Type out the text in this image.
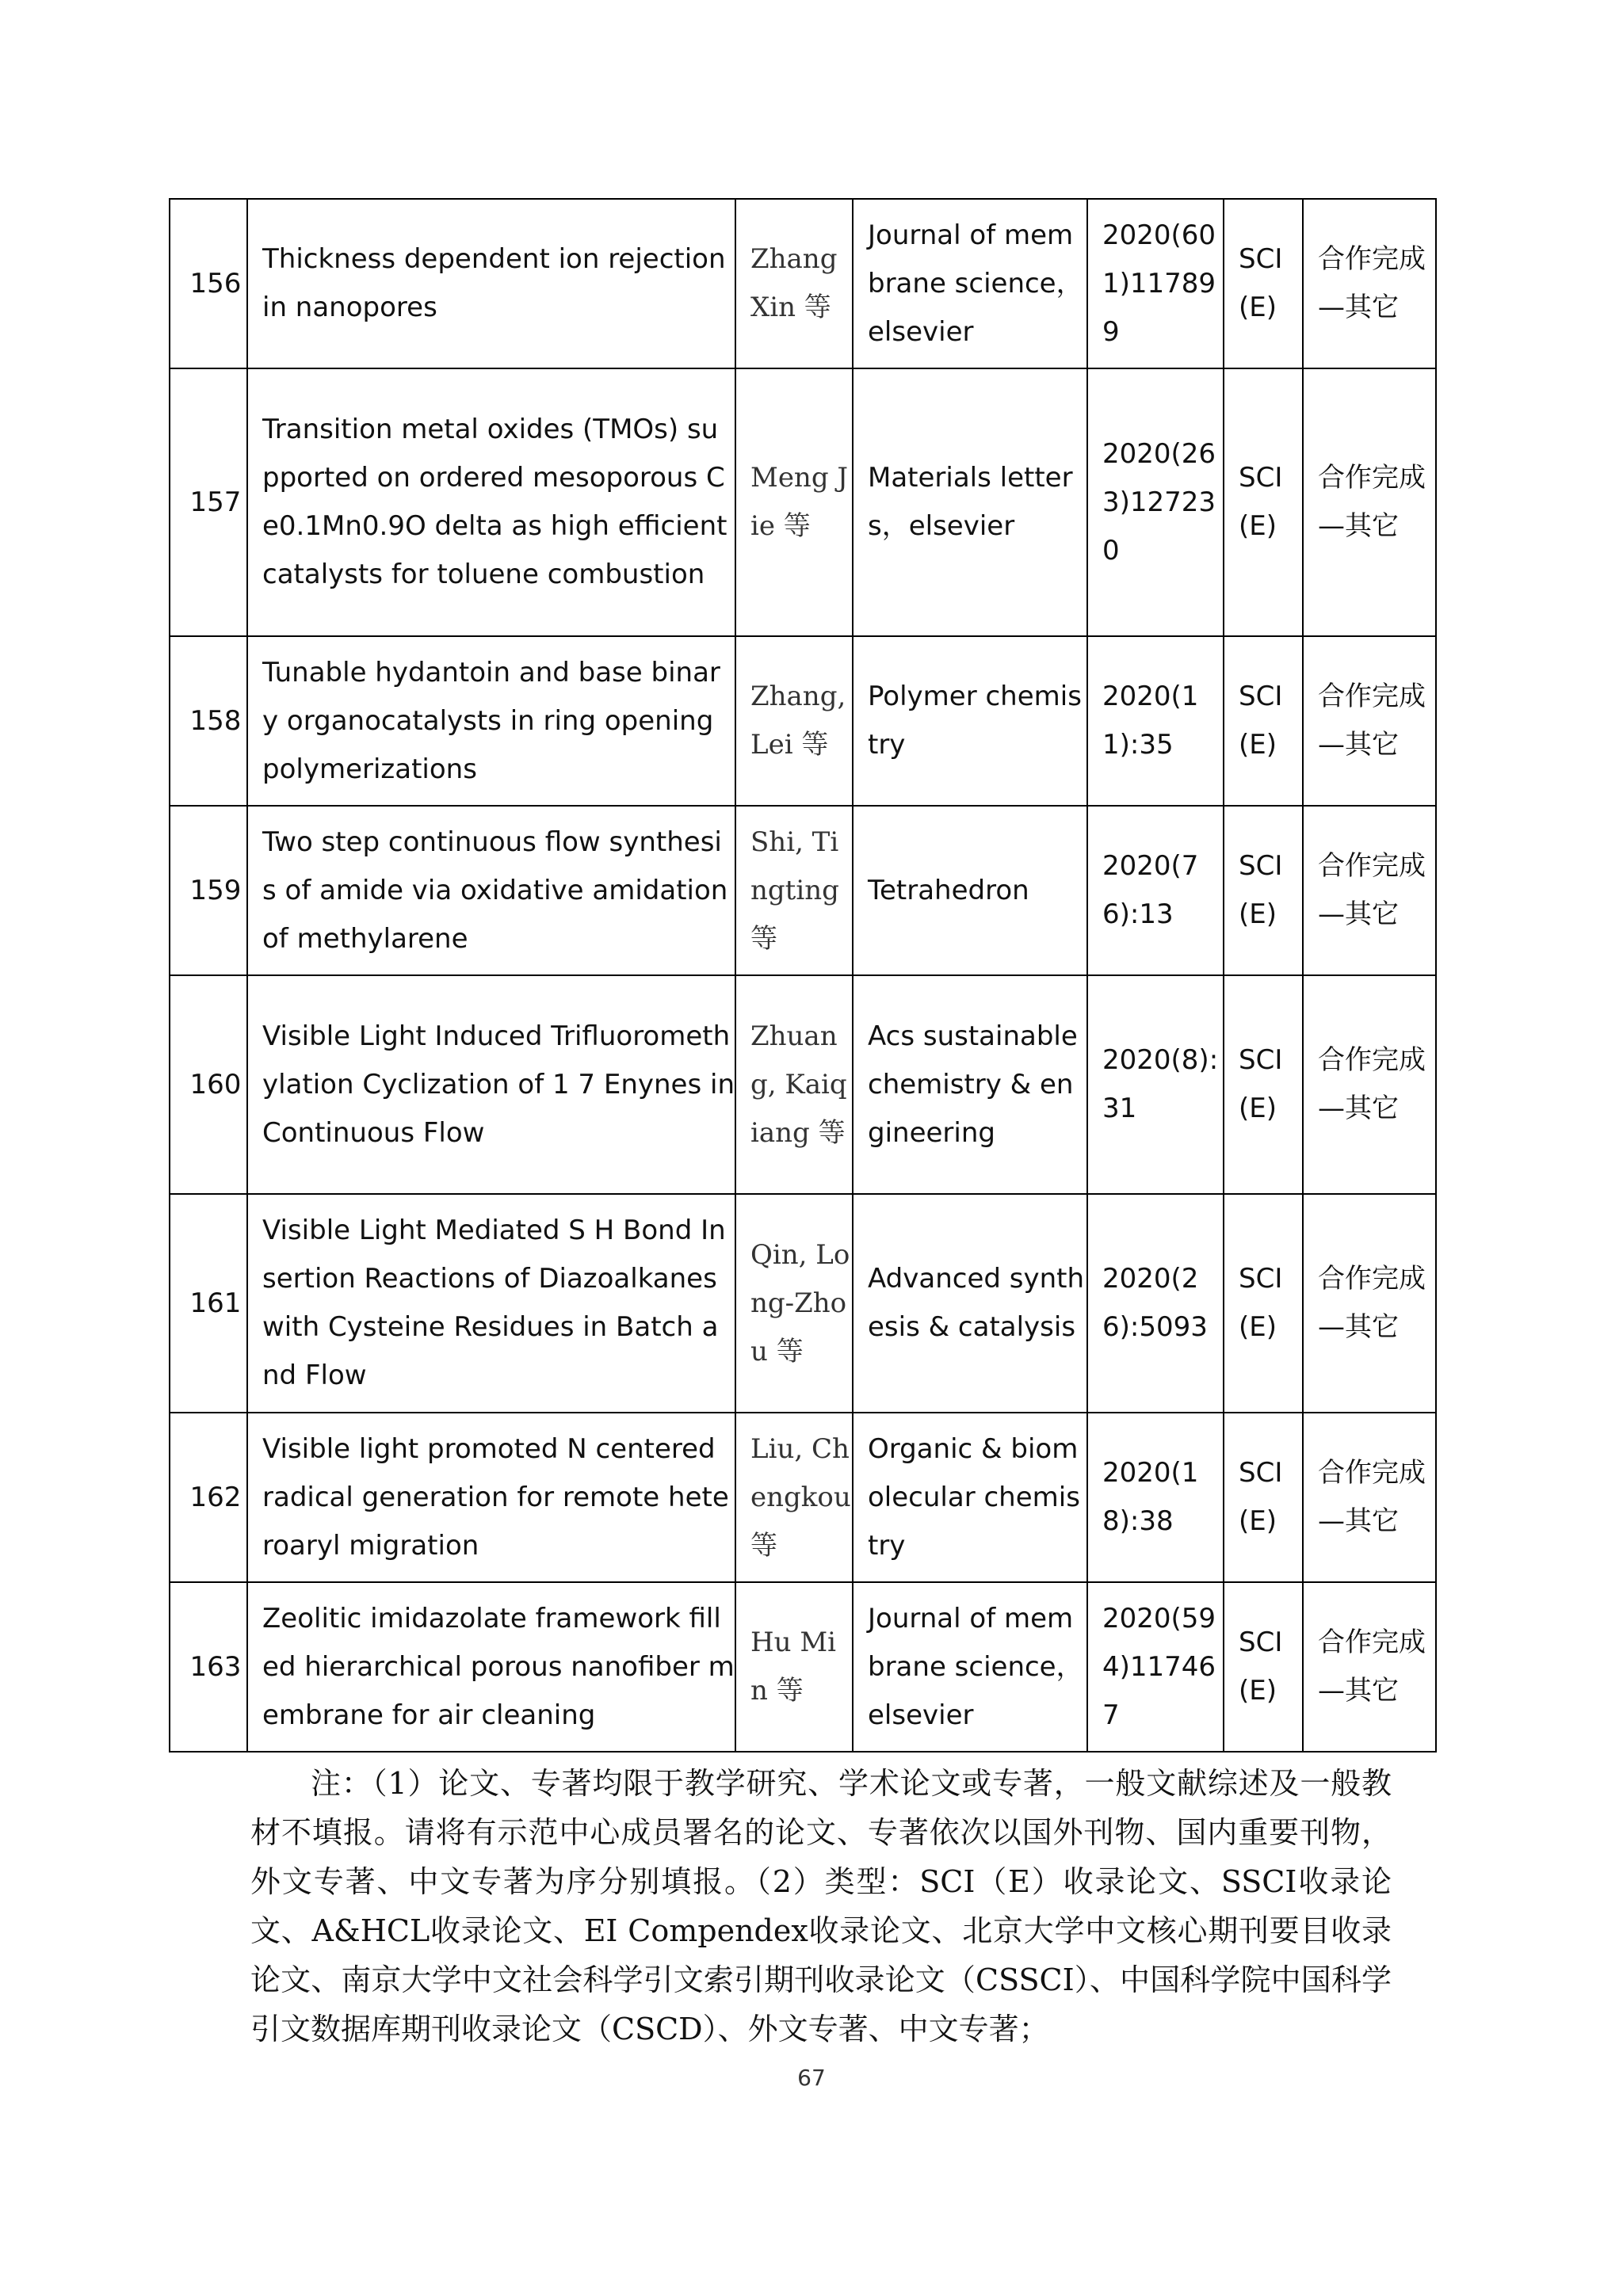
156	Thickness dependent ion rejection in nanopores	Zhang Xin 等	Journal of membrane science，elsevier	2020(601)117899	SCI (E)	合作完成—其它
157	Transition metal oxides (TMOs) supported on ordered mesoporous Ce0.1Mn0.9O delta as high efficient catalysts for toluene combustion	Meng Jie 等	Materials letters，elsevier	2020(263)127230	SCI (E)	合作完成—其它
158	Tunable hydantoin and base binary organocatalysts in ring opening polymerizations	Zhang, Lei 等	Polymer chemistry	2020(11):35	SCI (E)	合作完成—其它
159	Two step continuous flow synthesis of amide via oxidative amidation of methylarene	Shi, Tingting 等	Tetrahedron	2020(76):13	SCI (E)	合作完成—其它
160	Visible Light Induced Trifluoromethylation Cyclization of 1 7 Enynes in Continuous Flow	Zhuang, Kaiqiang 等	Acs sustainable chemistry & engineering	2020(8):31	SCI (E)	合作完成—其它
161	Visible Light Mediated S H Bond Insertion Reactions of Diazoalkanes with Cysteine Residues in Batch and Flow	Qin, Long-Zhou 等	Advanced synthesis & catalysis	2020(26):5093	SCI (E)	合作完成—其它
162	Visible light promoted N centered radical generation for remote heteroaryl migration	Liu, Chengkou 等	Organic & biomolecular chemistry	2020(18):38	SCI (E)	合作完成—其它
163	Zeolitic imidazolate framework filled hierarchical porous nanofiber membrane for air cleaning	Hu Min 等	Journal of membrane science，elsevier	2020(594)117467	SCI (E)	合作完成—其它

注：（1）论文、专著均限于教学研究、学术论文或专著，一般文献综述及一般教材不填报。请将有示范中心成员署名的论文、专著依次以国外刊物、国内重要刊物，外文专著、中文专著为序分别填报。（2）类型：SCI（E）收录论文、SSCI收录论文、A&HCL收录论文、EI Compendex收录论文、北京大学中文核心期刊要目收录论文、南京大学中文社会科学引文索引期刊收录论文（CSSCI）、中国科学院中国科学引文数据库期刊收录论文（CSCD）、外文专著、中文专著；

67
